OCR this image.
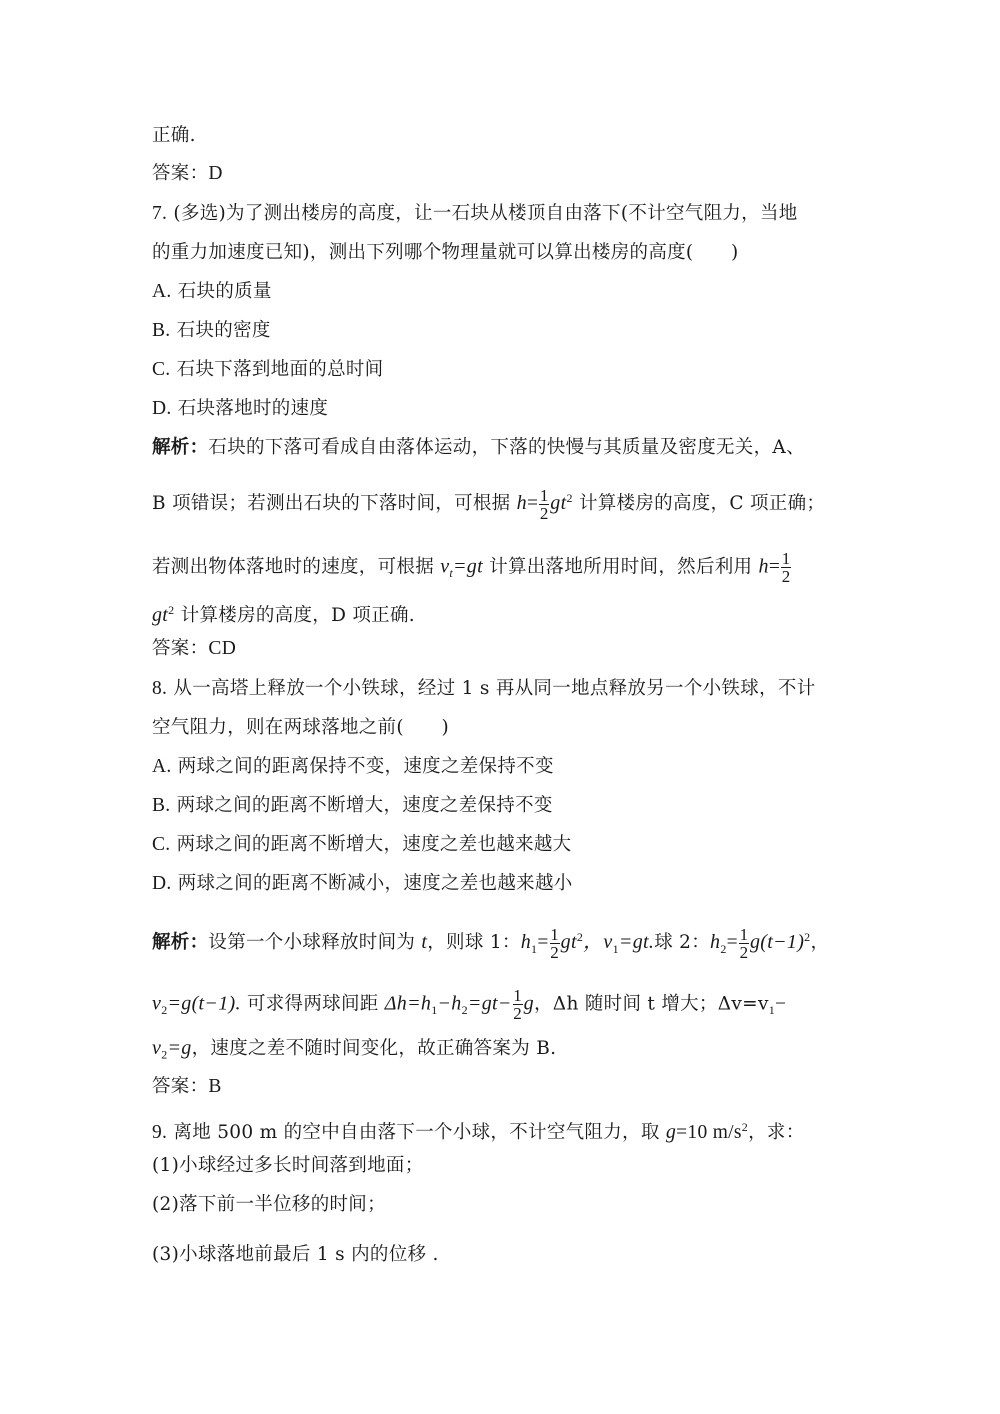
正确.
答案：D
7. (多选)为了测出楼房的高度，让一石块从楼顶自由落下(不计空气阻力，当地
的重力加速度已知)，测出下列哪个物理量就可以算出楼房的高度(　　)
A. 石块的质量
B. 石块的密度
C. 石块下落到地面的总时间
D. 石块落地时的速度
解析：石块的下落可看成自由落体运动，下落的快慢与其质量及密度无关，A、
B 项错误；若测出石块的下落时间，可根据 $h= \frac{1}{2} gt^2$ 计算楼房的高度，C 项正确；
若测出物体落地时的速度，可根据 $v_t=gt$ 计算出落地所用时间，然后利用 $h= \frac{1}{2}$
$gt^2$ 计算楼房的高度，D 项正确.
答案：CD
8. 从一高塔上释放一个小铁球，经过 1 s 再从同一地点释放另一个小铁球，不计
空气阻力，则在两球落地之前(　　)
A. 两球之间的距离保持不变，速度之差保持不变
B. 两球之间的距离不断增大，速度之差保持不变
C. 两球之间的距离不断增大，速度之差也越来越大
D. 两球之间的距离不断减小，速度之差也越来越小
解析：设第一个小球释放时间为 t，则球 1：$h_1= \frac{1}{2} gt^2$，$v_1=gt$.球 2：$h_2= \frac{1}{2} g(t-1)^2$，
$v_2=g(t-1)$. 可求得两球间距 $\Delta h=h_1-h_2=gt- \frac{1}{2}$ g，Δh 随时间 t 增大；$\Delta v=v_1-$
$v_2=g$，速度之差不随时间变化，故正确答案为 B.
答案：B
9. 离地 500 m 的空中自由落下一个小球，不计空气阻力，取 g=10 $m/s^2$，求：
(1)小球经过多长时间落到地面；
(2)落下前一半位移的时间；
(3)小球落地前最后 1 s 内的位移 .
